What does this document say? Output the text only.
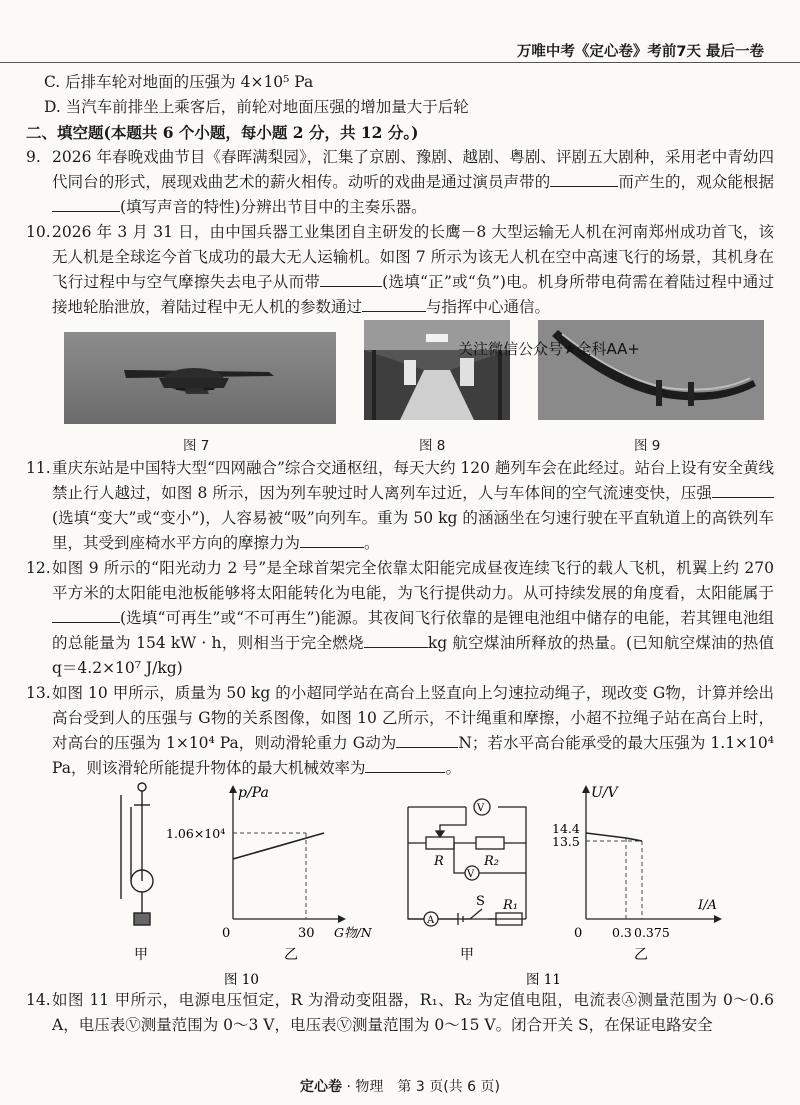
万唯中考《定心卷》考前7天 最后一卷
C. 后排车轮对地面的压强为 4×10⁵ Pa
D. 当汽车前排坐上乘客后，前轮对地面压强的增加量大于后轮
二、填空题(本题共 6 个小题，每小题 2 分，共 12 分。)
9. 2026 年春晚戏曲节目《春晖满梨园》，汇集了京剧、豫剧、越剧、粤剧、评剧五大剧种，采用老中青幼四代同台的形式，展现戏曲艺术的薪火相传。动听的戏曲是通过演员声带的	而产生的，观众能根据(填写声音的特性)分辨出节目中的主奏乐器。
10. 2026 年 3 月 31 日，由中国兵器工业集团自主研发的长鹰－8 大型运输无人机在河南郑州成功首飞，该无人机是全球迄今首飞成功的最大无人运输机。如图 7 所示为该无人机在空中高速飞行的场景，其机身在飞行过程中与空气摩擦失去电子从而带	(选填“正”或“负”)电。机身所带电荷需在着陆过程中通过接地轮胎泄放，着陆过程中无人机的参数通过	与指挥中心通信。
图 7	图 8	图 9
11. 重庆东站是中国特大型“四网融合”综合交通枢纽，每天大约 120 趟列车会在此经过。站台上设有安全黄线禁止行人越过，如图 8 所示，因为列车驶过时人离列车过近，人与车体间的空气流速变快，压强(选填“变大”或“变小”)，人容易被“吸”向列车。重为 50 kg 的涵涵坐在匀速行驶在平直轨道上的高铁列车里，其受到座椅水平方向的摩擦力为	。
12. 如图 9 所示的“阳光动力 2 号”是全球首架完全依靠太阳能完成昼夜连续飞行的载人飞机，机翼上约 270 平方米的太阳能电池板能够将太阳能转化为电能，为飞行提供动力。从可持续发展的角度看，太阳能属于(选填“可再生”或“不可再生”)能源。其夜间飞行依靠的是锂电池组中储存的电能，若其锂电池组的总能量为 154 kW · h，则相当于完全燃烧	kg 航空煤油所释放的热量。(已知航空煤油的热值 q＝4.2×10⁷ J/kg)
13. 如图 10 甲所示，质量为 50 kg 的小超同学站在高台上竖直向上匀速拉动绳子，现改变 G物，计算并绘出高台受到人的压强与 G物的关系图像，如图 10 乙所示，不计绳重和摩擦，小超不拉绳子站在高台上时，对高台的压强为 1×10⁴ Pa，则动滑轮重力 G动为	N；若水平高台能承受的最大压强为 1.1×10⁴ Pa，则该滑轮所能提升物体的最大机械效率为	。
甲
p/Pa
1.06×10⁴
0	30 G物/N
乙
图 10
V
V
A
R	R₂
R₁
S
甲
U/V
14.4
13.5
0 0.3 0.375
I/A
乙
图 11
14. 如图 11 甲所示，电源电压恒定，R 为滑动变阻器，R₁、R₂ 为定值电阻，电流表Ⓐ测量范围为 0～0.6 A，电压表Ⓥ测量范围为 0～3 V，电压表Ⓥ测量范围为 0～15 V。闭合开关 S，在保证电路安全
关注微信公众号★全科AA+
定心卷 · 物理　第 3 页(共 6 页)
